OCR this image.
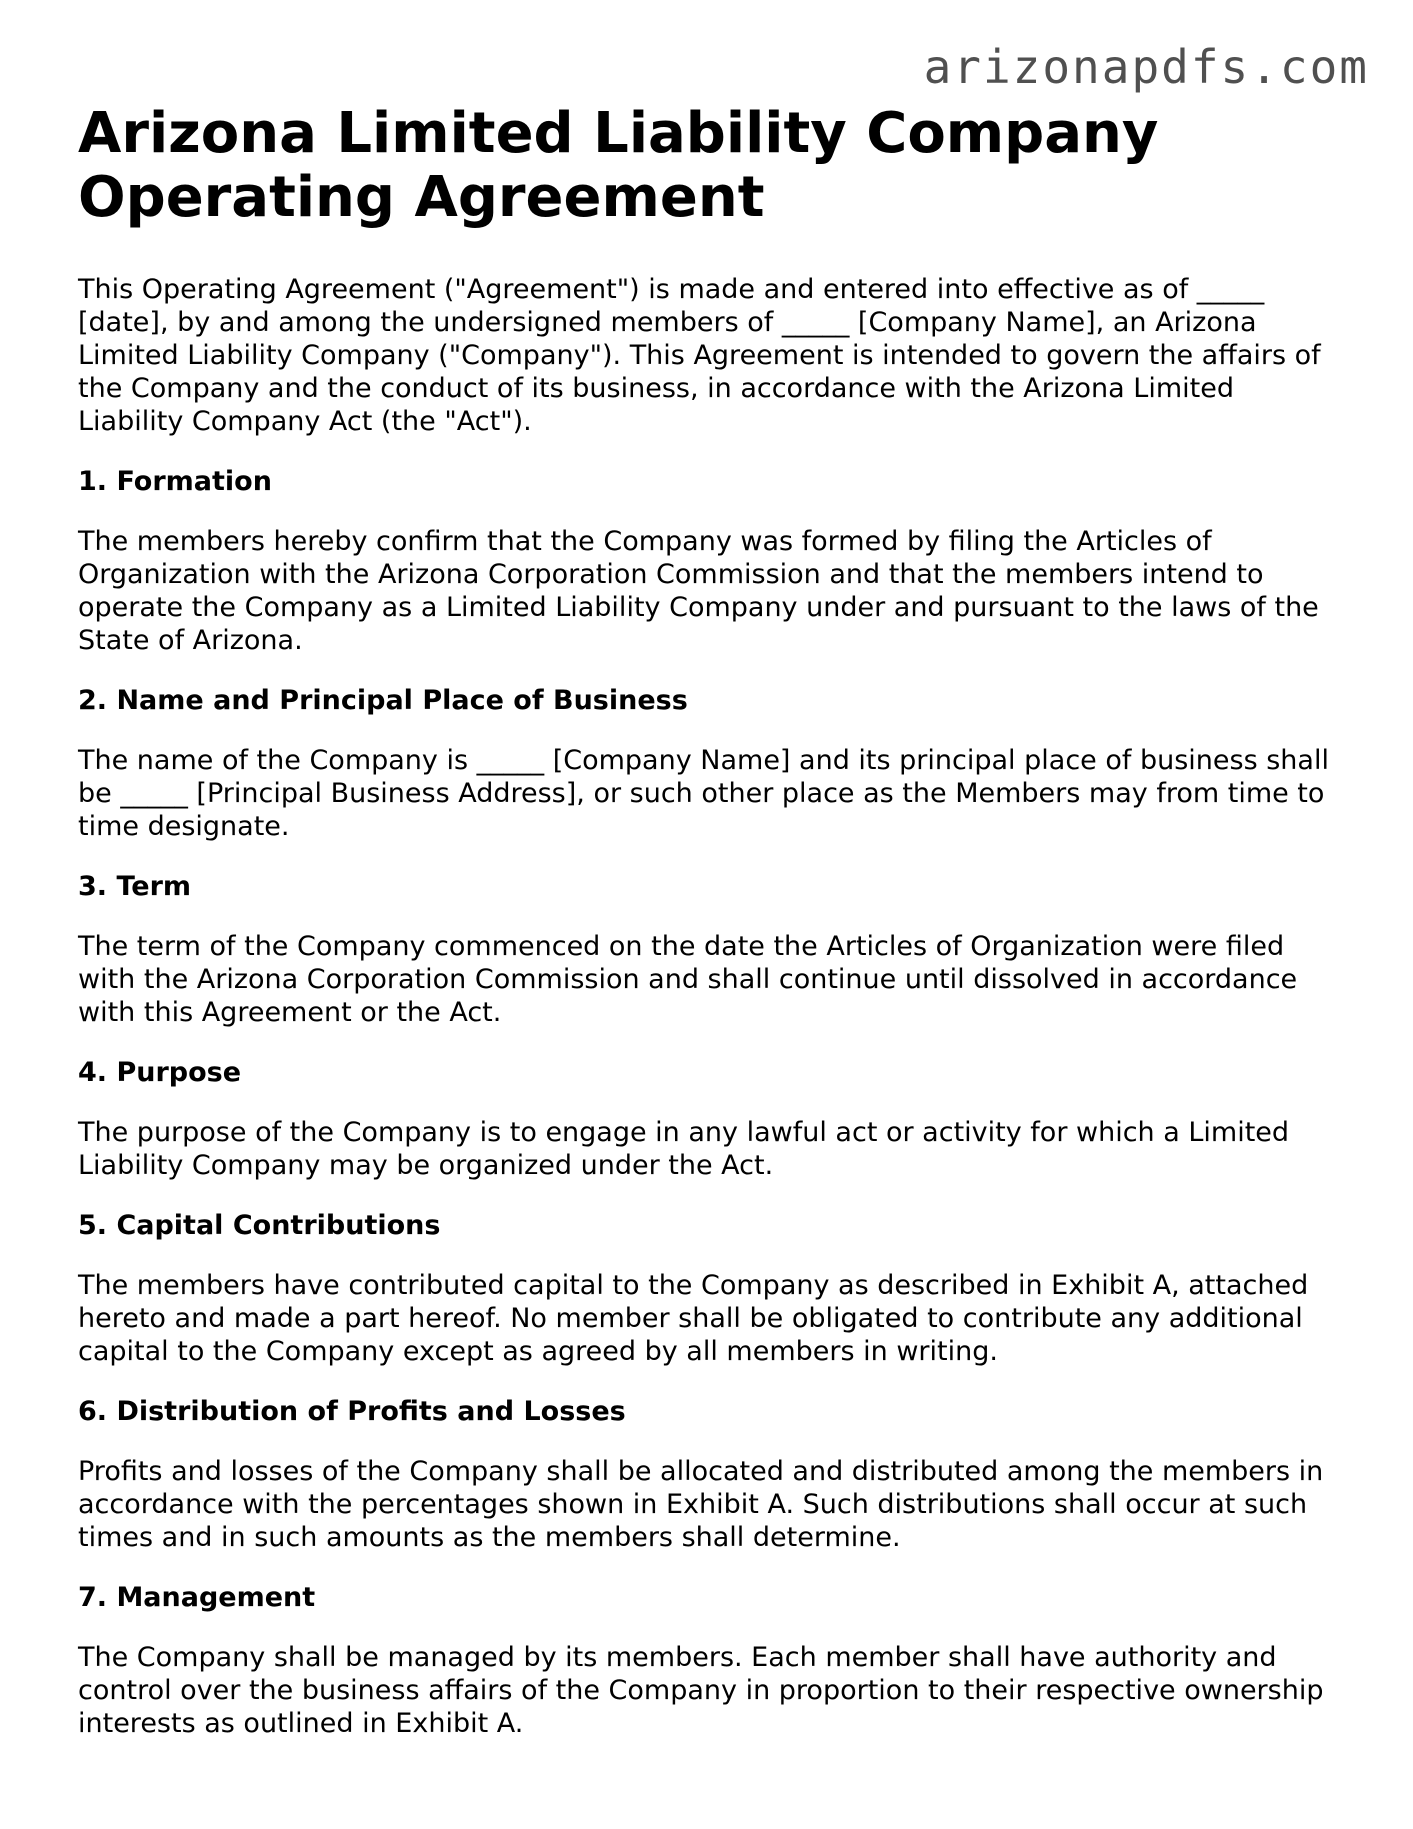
arizonapdfs.com

Arizona Limited Liability Company Operating Agreement

This Operating Agreement ("Agreement") is made and entered into effective as of _____ [date], by and among the undersigned members of _____ [Company Name], an Arizona Limited Liability Company ("Company"). This Agreement is intended to govern the affairs of the Company and the conduct of its business, in accordance with the Arizona Limited Liability Company Act (the "Act").

1. Formation

The members hereby confirm that the Company was formed by filing the Articles of Organization with the Arizona Corporation Commission and that the members intend to operate the Company as a Limited Liability Company under and pursuant to the laws of the State of Arizona.

2. Name and Principal Place of Business

The name of the Company is _____ [Company Name] and its principal place of business shall be _____ [Principal Business Address], or such other place as the Members may from time to time designate.

3. Term

The term of the Company commenced on the date the Articles of Organization were filed with the Arizona Corporation Commission and shall continue until dissolved in accordance with this Agreement or the Act.

4. Purpose

The purpose of the Company is to engage in any lawful act or activity for which a Limited Liability Company may be organized under the Act.

5. Capital Contributions

The members have contributed capital to the Company as described in Exhibit A, attached hereto and made a part hereof. No member shall be obligated to contribute any additional capital to the Company except as agreed by all members in writing.

6. Distribution of Profits and Losses

Profits and losses of the Company shall be allocated and distributed among the members in accordance with the percentages shown in Exhibit A. Such distributions shall occur at such times and in such amounts as the members shall determine.

7. Management

The Company shall be managed by its members. Each member shall have authority and control over the business affairs of the Company in proportion to their respective ownership interests as outlined in Exhibit A.
